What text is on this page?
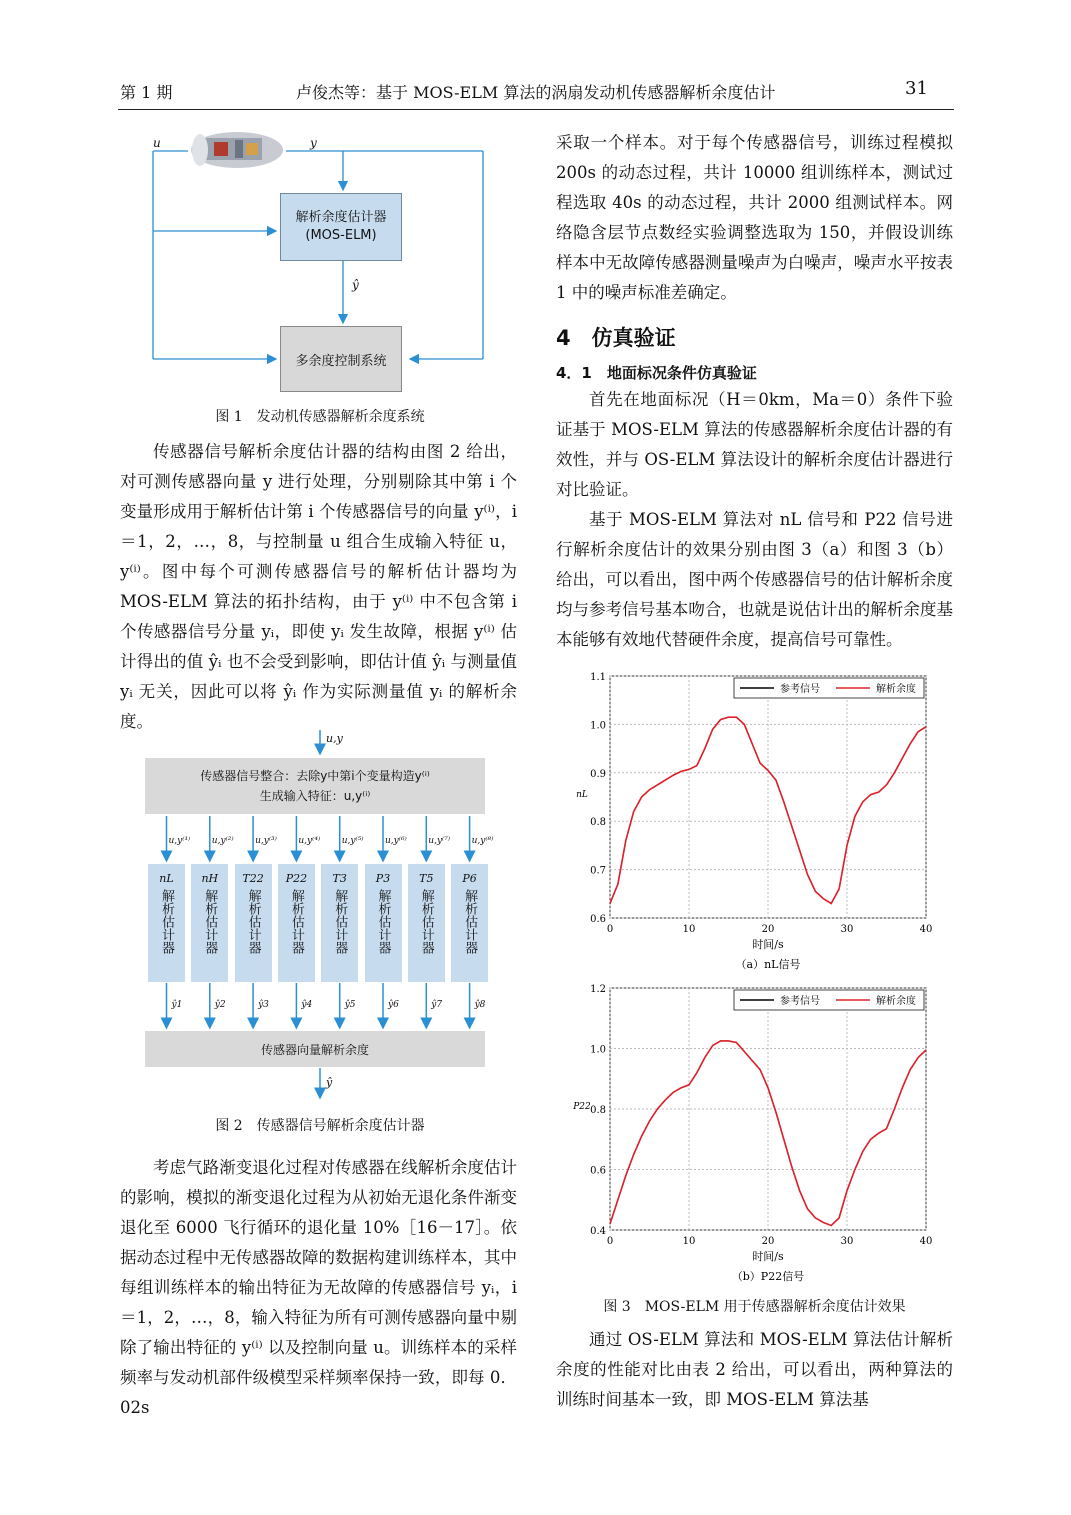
第 1 期	卢俊杰等：基于 MOS-ELM 算法的涡扇发动机传感器解析余度估计	31
u	y
解析余度估计器
(MOS-ELM)
ŷ
多余度控制系统
图 1　发动机传感器解析余度系统

传感器信号解析余度估计器的结构由图 2 给出，对可测传感器向量 y 进行处理，分别剔除其中第 i 个变量形成用于解析估计第 i 个传感器信号的向量 y⁽ⁱ⁾，i＝1，2，…，8，与控制量 u 组合生成输入特征 u，y⁽ⁱ⁾。图中每个可测传感器信号的解析估计器均为 MOS-ELM 算法的拓扑结构，由于 y⁽ⁱ⁾ 中不包含第 i 个传感器信号分量 yᵢ，即使 yᵢ 发生故障，根据 y⁽ⁱ⁾ 估计得出的值 ŷᵢ 也不会受到影响，即估计值 ŷᵢ 与测量值 yᵢ 无关，因此可以将 ŷᵢ 作为实际测量值 yᵢ 的解析余度。

u,y
传感器信号整合：去除y中第i个变量构造y⁽ⁱ⁾
生成输入特征：u,y⁽ⁱ⁾
u,y⁽¹⁾
nL
解析估计器
ŷ1
u,y⁽²⁾
nH
解析估计器
ŷ2
u,y⁽³⁾
T22
解析估计器
ŷ3
u,y⁽⁴⁾
P22
解析估计器
ŷ4
u,y⁽⁵⁾
T3
解析估计器
ŷ5
u,y⁽⁶⁾
P3
解析估计器
ŷ6
u,y⁽⁷⁾
T5
解析估计器
ŷ7
u,y⁽⁸⁾
P6
解析估计器
ŷ8
传感器向量解析余度
ŷ
图 2　传感器信号解析余度估计器

考虑气路渐变退化过程对传感器在线解析余度估计的影响，模拟的渐变退化过程为从初始无退化条件渐变退化至 6000 飞行循环的退化量 10%［16－17］。依据动态过程中无传感器故障的数据构建训练样本，其中每组训练样本的输出特征为无故障的传感器信号 yᵢ，i＝1，2，…，8，输入特征为所有可测传感器向量中剔除了输出特征的 y⁽ⁱ⁾ 以及控制向量 u。训练样本的采样频率与发动机部件级模型采样频率保持一致，即每 0．02s

采取一个样本。对于每个传感器信号，训练过程模拟 200s 的动态过程，共计 10000 组训练样本，测试过程选取 40s 的动态过程，共计 2000 组测试样本。网络隐含层节点数经实验调整选取为 150，并假设训练样本中无故障传感器测量噪声为白噪声，噪声水平按表 1 中的噪声标准差确定。

4　仿真验证
4．1　地面标况条件仿真验证

首先在地面标况（H＝0km，Ma＝0）条件下验证基于 MOS-ELM 算法的传感器解析余度估计器的有效性，并与 OS-ELM 算法设计的解析余度估计器进行对比验证。

基于 MOS-ELM 算法对 nL 信号和 P22 信号进行解析余度估计的效果分别由图 3（a）和图 3（b）给出，可以看出，图中两个传感器信号的估计解析余度均与参考信号基本吻合，也就是说估计出的解析余度基本能够有效地代替硬件余度，提高信号可靠性。

0	10	20	30	40
0.6
0.7
0.8
0.9
1.0
1.1
时间/s
nL
参考信号	解析余度
（a）nL信号
0	10	20	30	40
0.4
0.6
0.8
1.0
1.2
时间/s
P22
参考信号	解析余度
（b）P22信号
图 3　MOS-ELM 用于传感器解析余度估计效果

通过 OS-ELM 算法和 MOS-ELM 算法估计解析余度的性能对比由表 2 给出，可以看出，两种算法的训练时间基本一致，即 MOS-ELM 算法基
